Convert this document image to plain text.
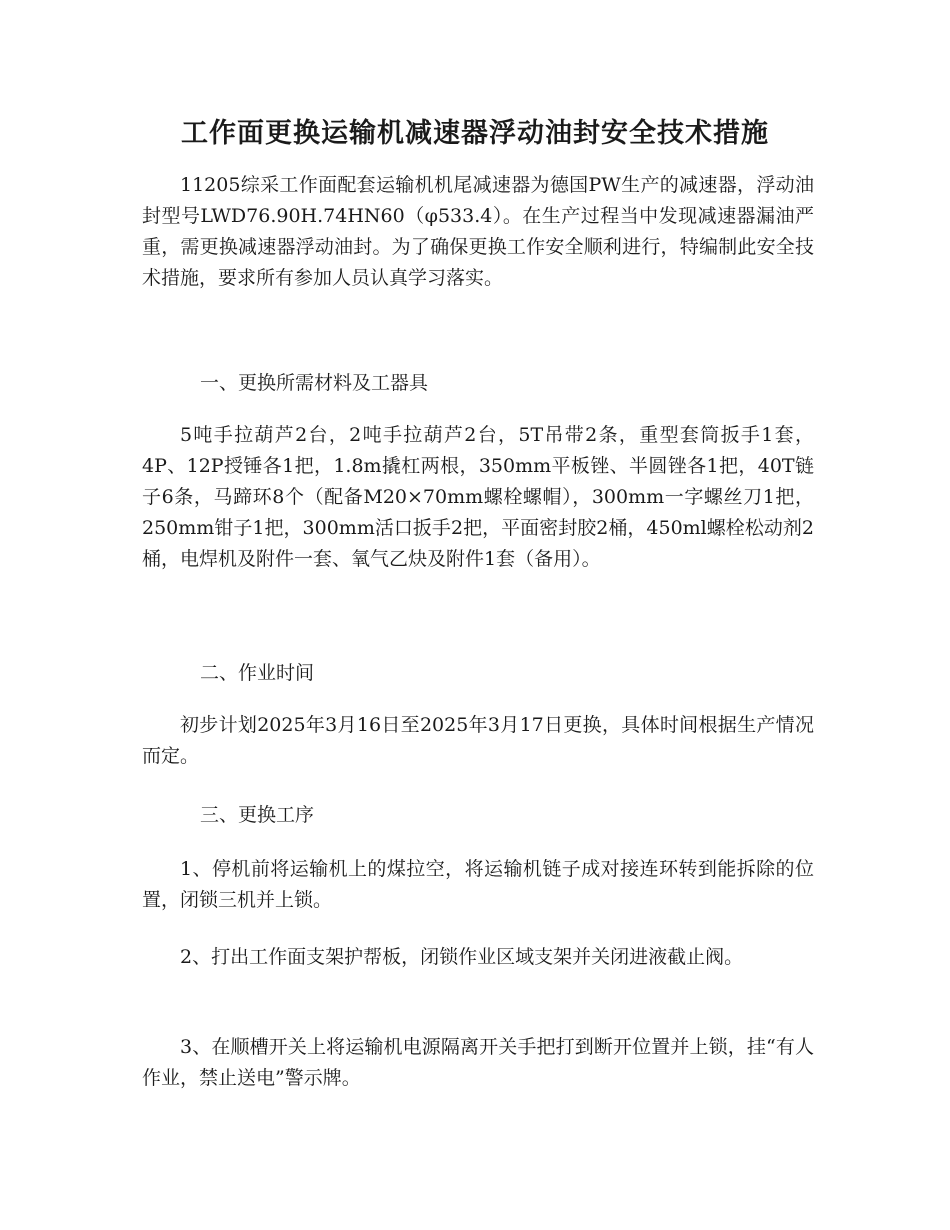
工作面更换运输机减速器浮动油封安全技术措施

11205综采工作面配套运输机机尾减速器为德国PW生产的减速器，浮动油封型号LWD76.90H.74HN60（φ533.4）。在生产过程当中发现减速器漏油严重，需更换减速器浮动油封。为了确保更换工作安全顺利进行，特编制此安全技术措施，要求所有参加人员认真学习落实。

一、更换所需材料及工器具

5吨手拉葫芦2台，2吨手拉葫芦2台，5T吊带2条，重型套筒扳手1套，4P、12P授锤各1把，1.8m撬杠两根，350mm平板锉、半圆锉各1把，40T链子6条，马蹄环8个（配备M20×70mm螺栓螺帽），300mm一字螺丝刀1把，250mm钳子1把，300mm活口扳手2把，平面密封胶2桶，450ml螺栓松动剂2桶，电焊机及附件一套、氧气乙炔及附件1套（备用）。

二、作业时间

初步计划2025年3月16日至2025年3月17日更换，具体时间根据生产情况而定。

三、更换工序

1、停机前将运输机上的煤拉空，将运输机链子成对接连环转到能拆除的位置，闭锁三机并上锁。

2、打出工作面支架护帮板，闭锁作业区域支架并关闭进液截止阀。

3、在顺槽开关上将运输机电源隔离开关手把打到断开位置并上锁，挂“有人作业，禁止送电”警示牌。
